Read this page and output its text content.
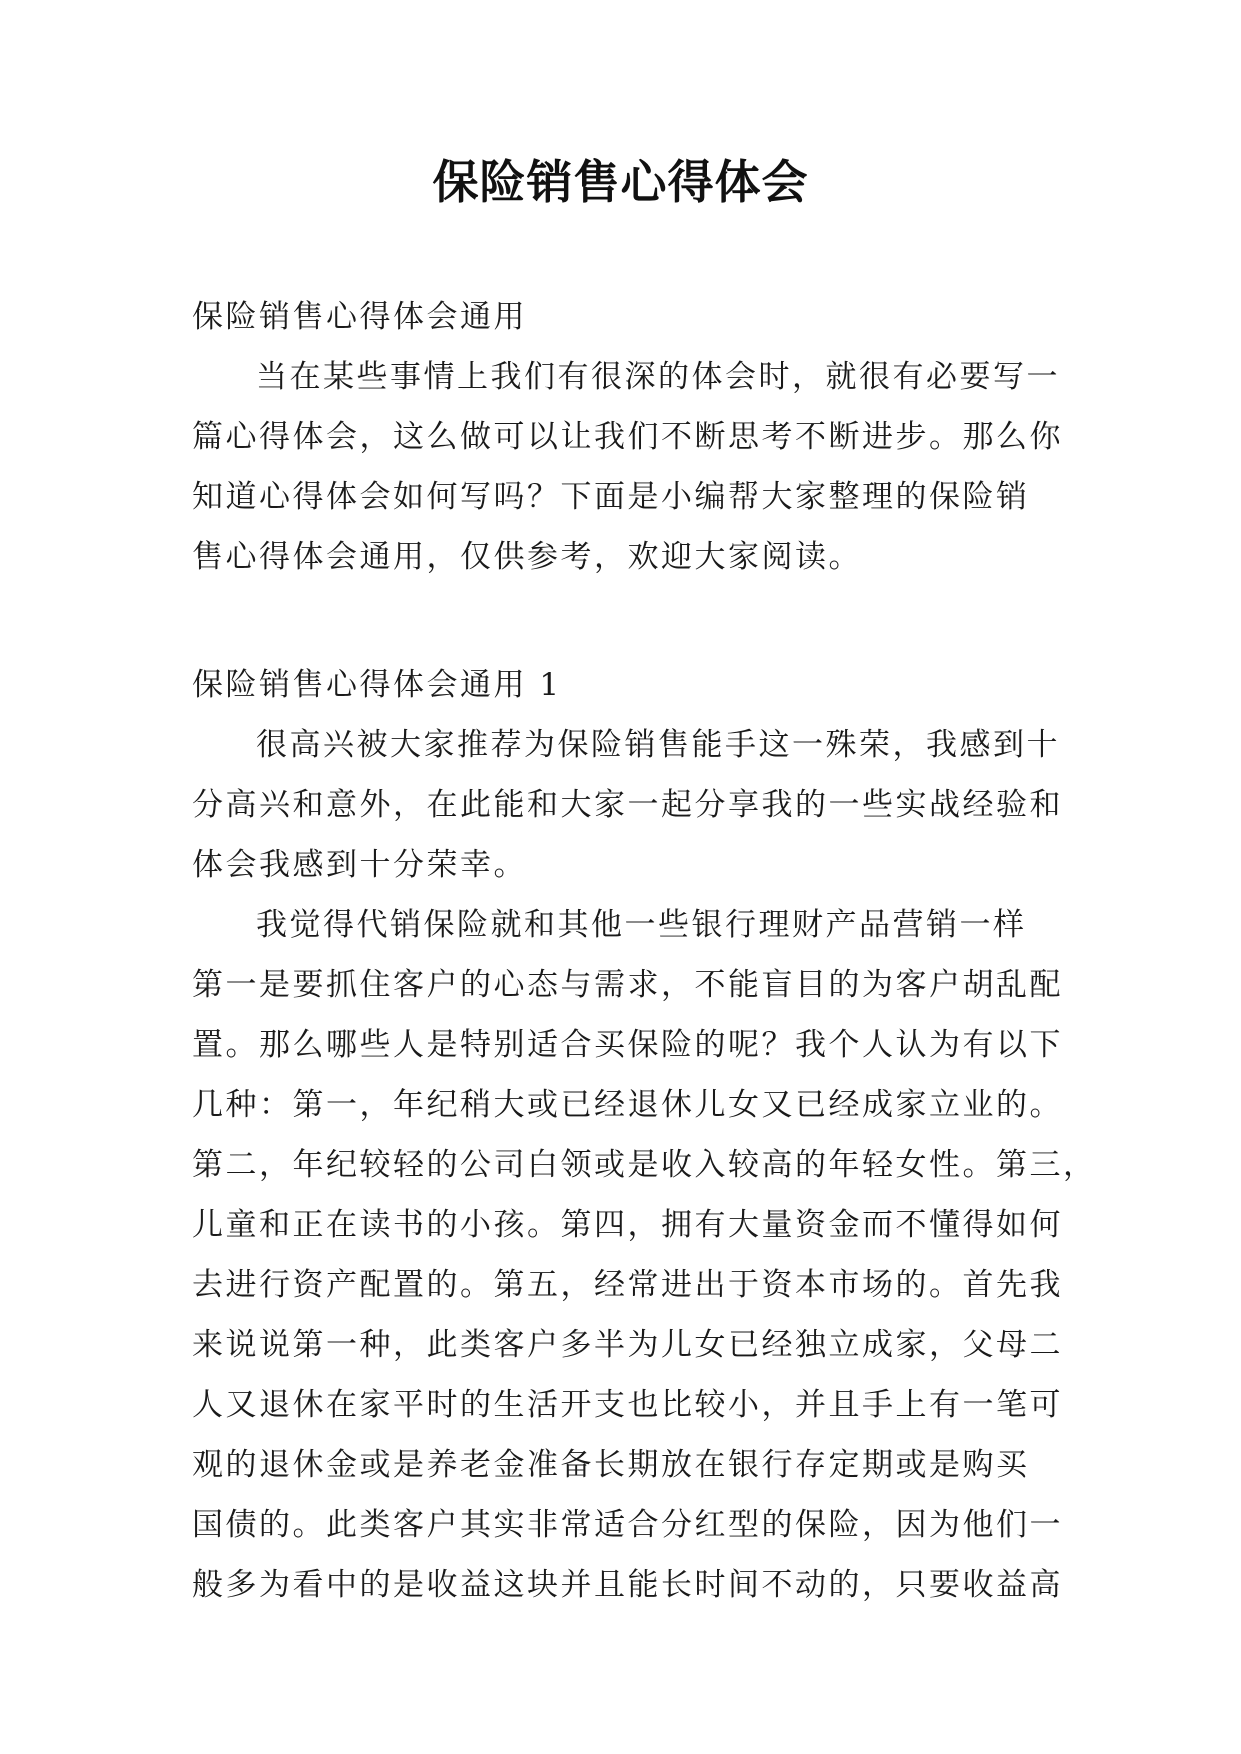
保险销售心得体会
保险销售心得体会通用
当在某些事情上我们有很深的体会时，就很有必要写一
篇心得体会，这么做可以让我们不断思考不断进步。那么你
知道心得体会如何写吗？下面是小编帮大家整理的保险销
售心得体会通用，仅供参考，欢迎大家阅读。
保险销售心得体会通用 1
很高兴被大家推荐为保险销售能手这一殊荣，我感到十
分高兴和意外，在此能和大家一起分享我的一些实战经验和
体会我感到十分荣幸。
我觉得代销保险就和其他一些银行理财产品营销一样
第一是要抓住客户的心态与需求，不能盲目的为客户胡乱配
置。那么哪些人是特别适合买保险的呢？我个人认为有以下
几种：第一，年纪稍大或已经退休儿女又已经成家立业的。
第二，年纪较轻的公司白领或是收入较高的年轻女性。第三，
儿童和正在读书的小孩。第四，拥有大量资金而不懂得如何
去进行资产配置的。第五，经常进出于资本市场的。首先我
来说说第一种，此类客户多半为儿女已经独立成家，父母二
人又退休在家平时的生活开支也比较小，并且手上有一笔可
观的退休金或是养老金准备长期放在银行存定期或是购买
国债的。此类客户其实非常适合分红型的保险，因为他们一
般多为看中的是收益这块并且能长时间不动的，只要收益高
